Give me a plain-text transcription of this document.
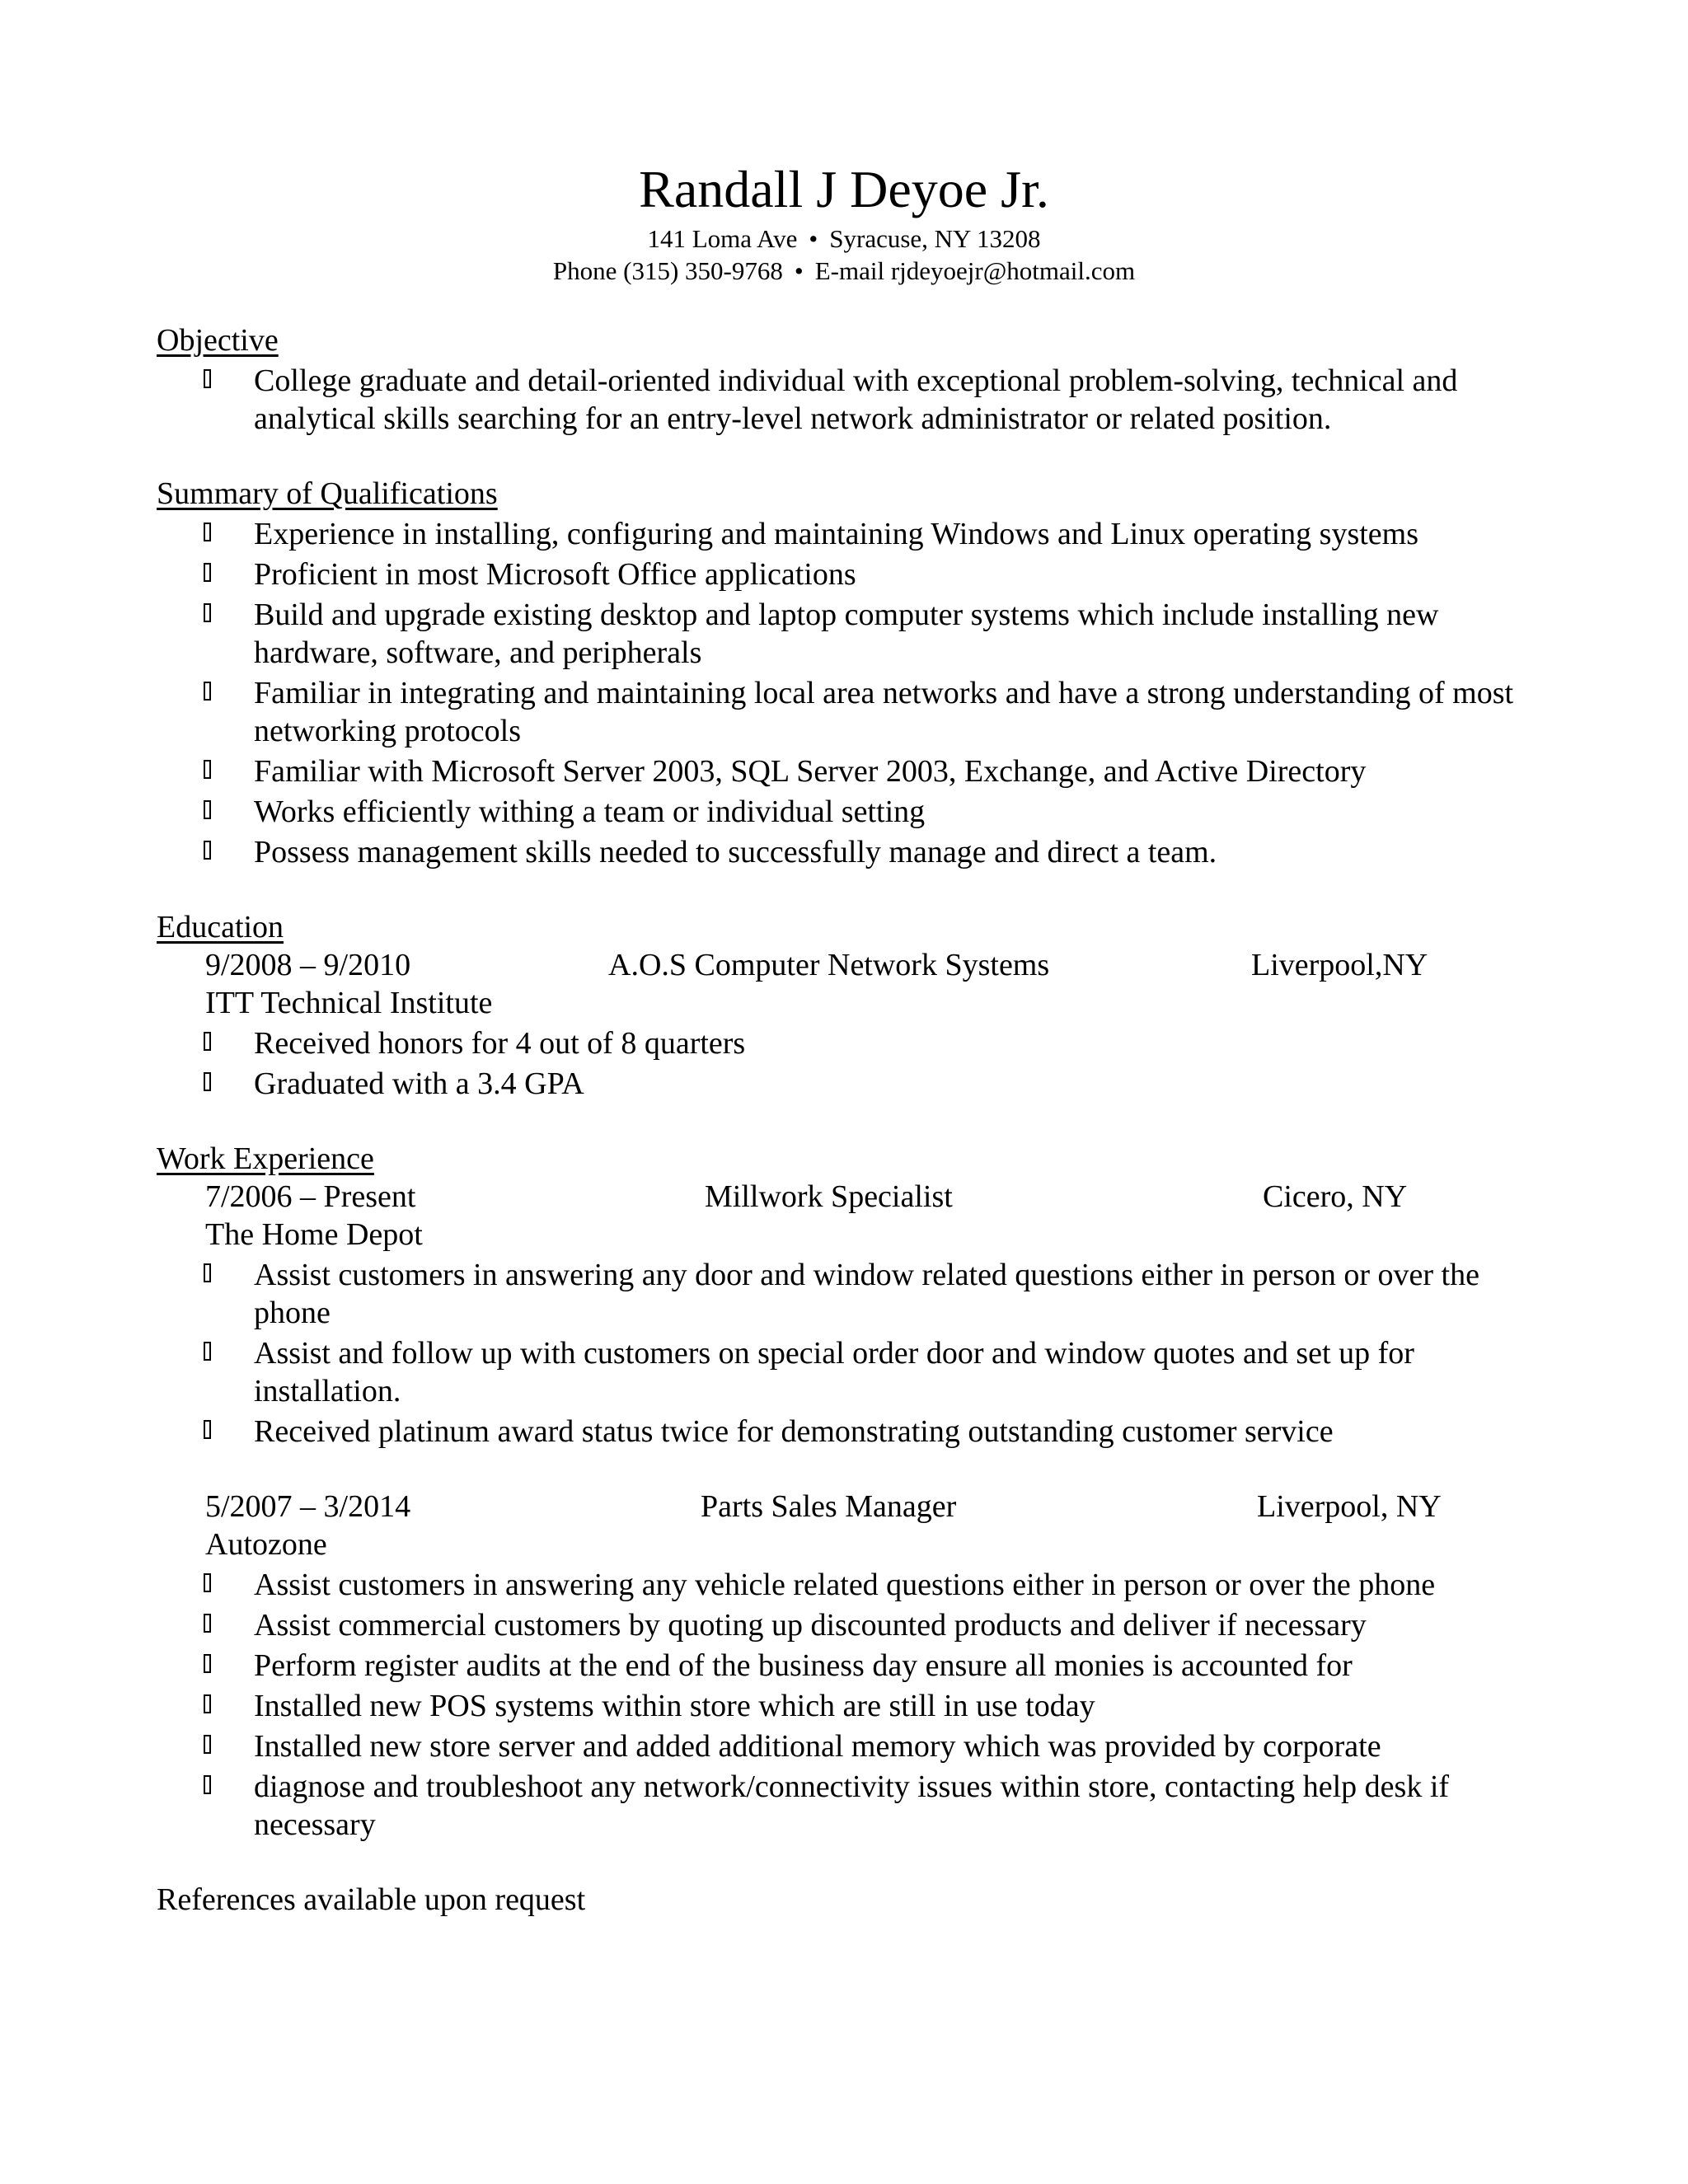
Randall J Deyoe Jr.
141 Loma Ave • Syracuse, NY 13208
Phone (315) 350-9768 • E-mail rjdeyoejr@hotmail.com
Objective
College graduate and detail-oriented individual with exceptional problem-solving, technical and analytical skills searching for an entry-level network administrator or related position.
Summary of Qualifications
Experience in installing, configuring and maintaining Windows and Linux operating systems
Proficient in most Microsoft Office applications
Build and upgrade existing desktop and laptop computer systems which include installing new hardware, software, and peripherals
Familiar in integrating and maintaining local area networks and have a strong understanding of most networking protocols
Familiar with Microsoft Server 2003, SQL Server 2003, Exchange, and Active Directory
Works efficiently withing a team or individual setting
Possess management skills needed to successfully manage and direct a team.
Education
9/2008 – 9/2010	A.O.S Computer Network Systems	Liverpool,NY
ITT Technical Institute
Received honors for 4 out of 8 quarters
Graduated with a 3.4 GPA
Work Experience
7/2006 – Present	Millwork Specialist	Cicero, NY
The Home Depot
Assist customers in answering any door and window related questions either in person or over the phone
Assist and follow up with customers on special order door and window quotes and set up for installation.
Received platinum award status twice for demonstrating outstanding customer service
5/2007 – 3/2014	Parts Sales Manager	Liverpool, NY
Autozone
Assist customers in answering any vehicle related questions either in person or over the phone
Assist commercial customers by quoting up discounted products and deliver if necessary
Perform register audits at the end of the business day ensure all monies is accounted for
Installed new POS systems within store which are still in use today
Installed new store server and added additional memory which was provided by corporate
diagnose and troubleshoot any network/connectivity issues within store, contacting help desk if necessary
References available upon request
